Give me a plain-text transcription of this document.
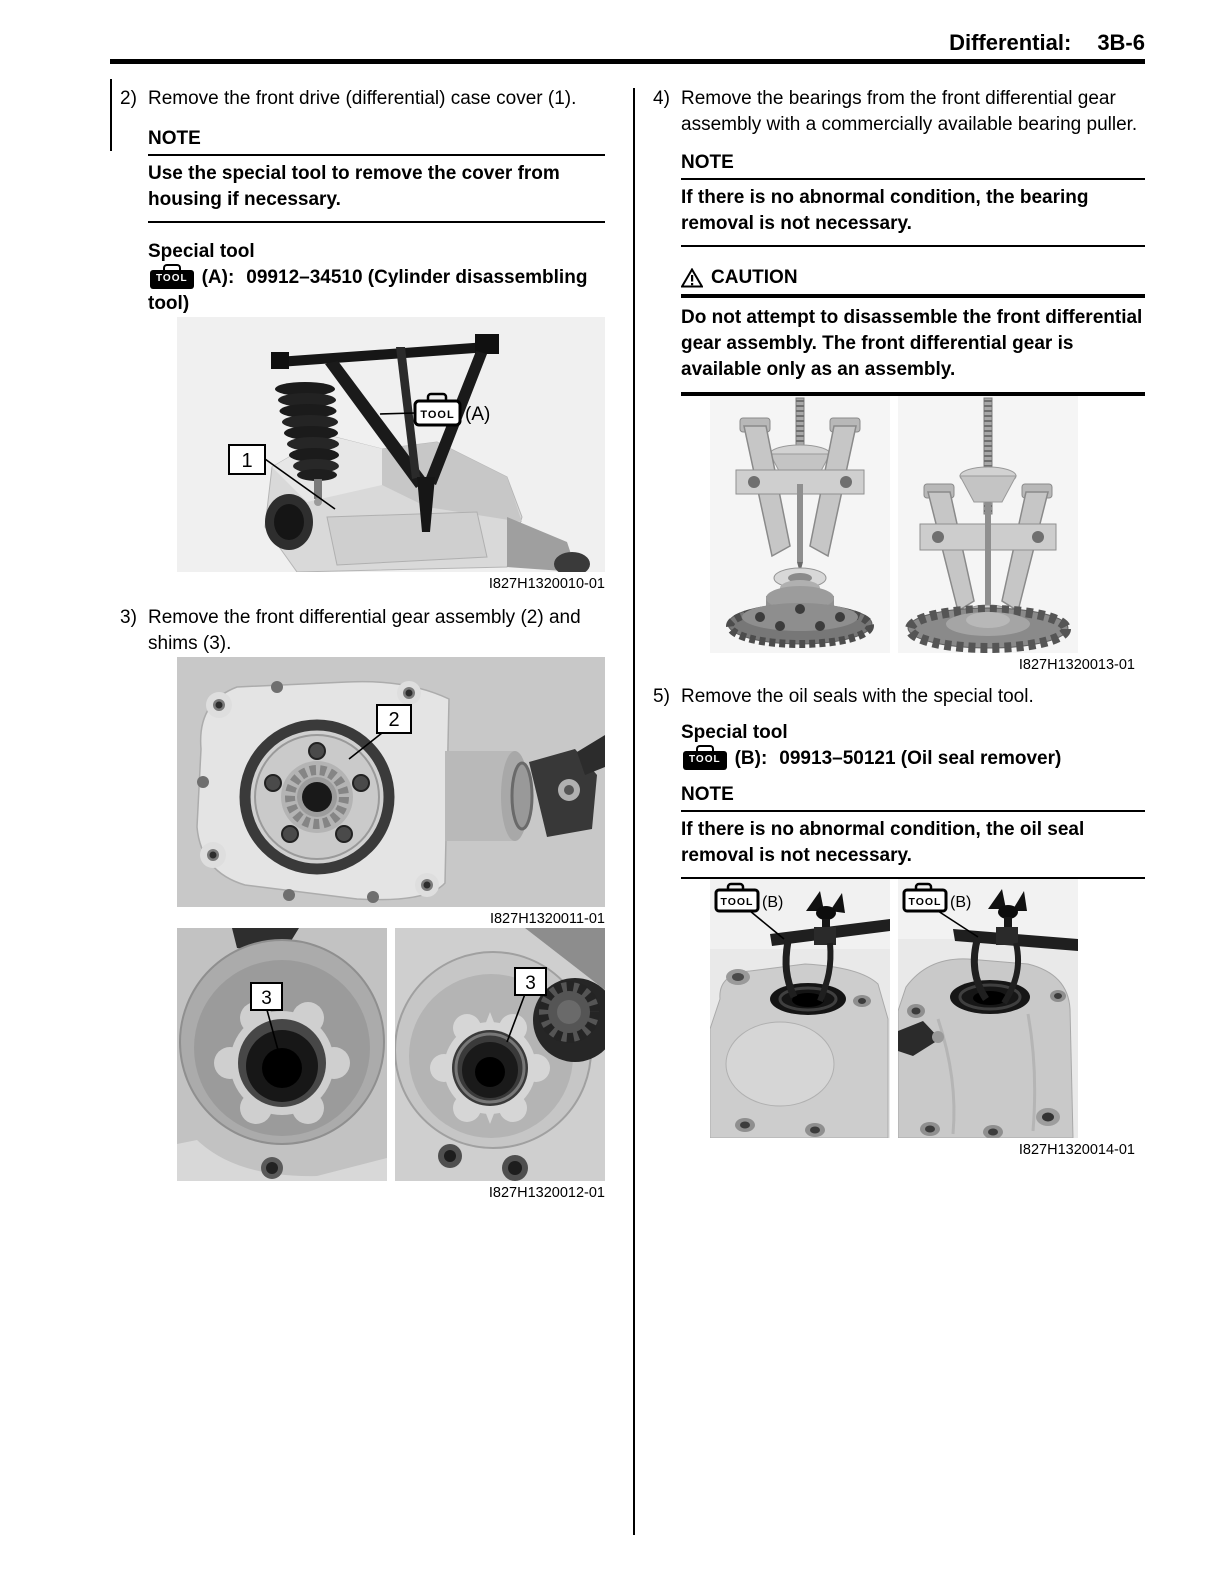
Differential: 3B-6
2) Remove the front drive (differential) case cover (1).
NOTE
Use the special tool to remove the cover from housing if necessary.
Special tool
TOOL (A): 09912–34510 (Cylinder disassembling tool)
1
TOOL (A)
I827H1320010-01
3) Remove the front differential gear assembly (2) and shims (3).
2
I827H1320011-01
3
3
I827H1320012-01
4) Remove the bearings from the front differential gear assembly with a commercially available bearing puller.
NOTE
If there is no abnormal condition, the bearing removal is not necessary.
CAUTION
Do not attempt to disassemble the front differential gear assembly. The front differential gear is available only as an assembly.
I827H1320013-01
5) Remove the oil seals with the special tool.
Special tool
TOOL (B): 09913–50121 (Oil seal remover)
NOTE
If there is no abnormal condition, the oil seal removal is not necessary.
TOOL (B)	TOOL (B)
I827H1320014-01
